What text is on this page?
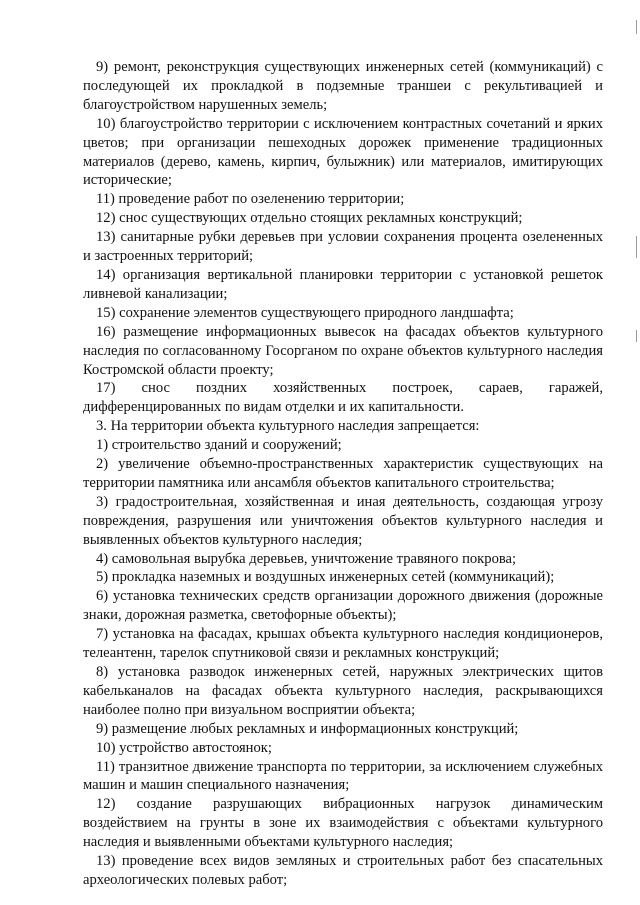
9) ремонт, реконструкция существующих инженерных сетей (коммуникаций) с последующей их прокладкой в подземные траншеи с рекультивацией и благоустройством нарушенных земель;

10) благоустройство территории с исключением контрастных сочетаний и ярких цветов; при организации пешеходных дорожек применение традиционных материалов (дерево, камень, кирпич, булыжник) или материалов, имитирующих исторические;

11) проведение работ по озеленению территории;

12) снос существующих отдельно стоящих рекламных конструкций;

13) санитарные рубки деревьев при условии сохранения процента озелененных и застроенных территорий;

14) организация вертикальной планировки территории с установкой решеток ливневой канализации;

15) сохранение элементов существующего природного ландшафта;

16) размещение информационных вывесок на фасадах объектов культурного наследия по согласованному Госорганом по охране объектов культурного наследия Костромской области проекту;

17) снос поздних хозяйственных построек, сараев, гаражей, дифференцированных по видам отделки и их капитальности.

3. На территории объекта культурного наследия запрещается:

1) строительство зданий и сооружений;

2) увеличение объемно-пространственных характеристик существующих на территории памятника или ансамбля объектов капитального строительства;

3) градостроительная, хозяйственная и иная деятельность, создающая угрозу повреждения, разрушения или уничтожения объектов культурного наследия и выявленных объектов культурного наследия;

4) самовольная вырубка деревьев, уничтожение травяного покрова;

5) прокладка наземных и воздушных инженерных сетей (коммуникаций);

6) установка технических средств организации дорожного движения (дорожные знаки, дорожная разметка, светофорные объекты);

7) установка на фасадах, крышах объекта культурного наследия кондиционеров, телеантенн, тарелок спутниковой связи и рекламных конструкций;

8) установка разводок инженерных сетей, наружных электрических щитов кабельканалов на фасадах объекта культурного наследия, раскрывающихся наиболее полно при визуальном восприятии объекта;

9) размещение любых рекламных и информационных конструкций;

10) устройство автостоянок;

11) транзитное движение транспорта по территории, за исключением служебных машин и машин специального назначения;

12) создание разрушающих вибрационных нагрузок динамическим воздействием на грунты в зоне их взаимодействия с объектами культурного наследия и выявленными объектами культурного наследия;

13) проведение всех видов земляных и строительных работ без спасательных археологических полевых работ;
